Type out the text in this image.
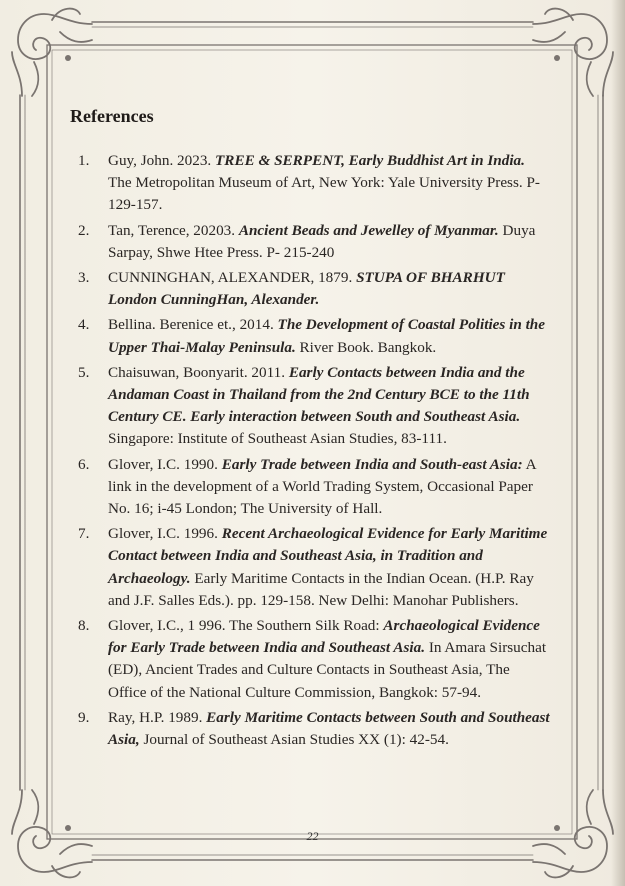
References
1. Guy, John. 2023. TREE & SERPENT, Early Buddhist Art in India. The Metropolitan Museum of Art, New York: Yale University Press. P- 129-157.
2. Tan, Terence, 20203. Ancient Beads and Jewelley of Myanmar. Duya Sarpay, Shwe Htee Press. P- 215-240
3. CUNNINGHAN, ALEXANDER, 1879. STUPA OF BHARHUT London CunningHan, Alexander.
4. Bellina. Berenice et., 2014. The Development of Coastal Polities in the Upper Thai-Malay Peninsula. River Book. Bangkok.
5. Chaisuwan, Boonyarit. 2011. Early Contacts between India and the Andaman Coast in Thailand from the 2nd Century BCE to the 11th Century CE. Early interaction between South and Southeast Asia. Singapore: Institute of Southeast Asian Studies, 83-111.
6. Glover, I.C. 1990. Early Trade between India and South-east Asia: A link in the development of a World Trading System, Occasional Paper No. 16; i-45 London; The University of Hall.
7. Glover, I.C. 1996. Recent Archaeological Evidence for Early Maritime Contact between India and Southeast Asia, in Tradition and Archaeology. Early Maritime Contacts in the Indian Ocean. (H.P. Ray and J.F. Salles Eds.). pp. 129-158. New Delhi: Manohar Publishers.
8. Glover, I.C., 1 996. The Southern Silk Road: Archaeological Evidence for Early Trade between India and Southeast Asia. In Amara Sirsuchat (ED), Ancient Trades and Culture Contacts in Southeast Asia, The Office of the National Culture Commission, Bangkok: 57-94.
9. Ray, H.P. 1989. Early Maritime Contacts between South and Southeast Asia, Journal of Southeast Asian Studies XX (1): 42-54.
22
